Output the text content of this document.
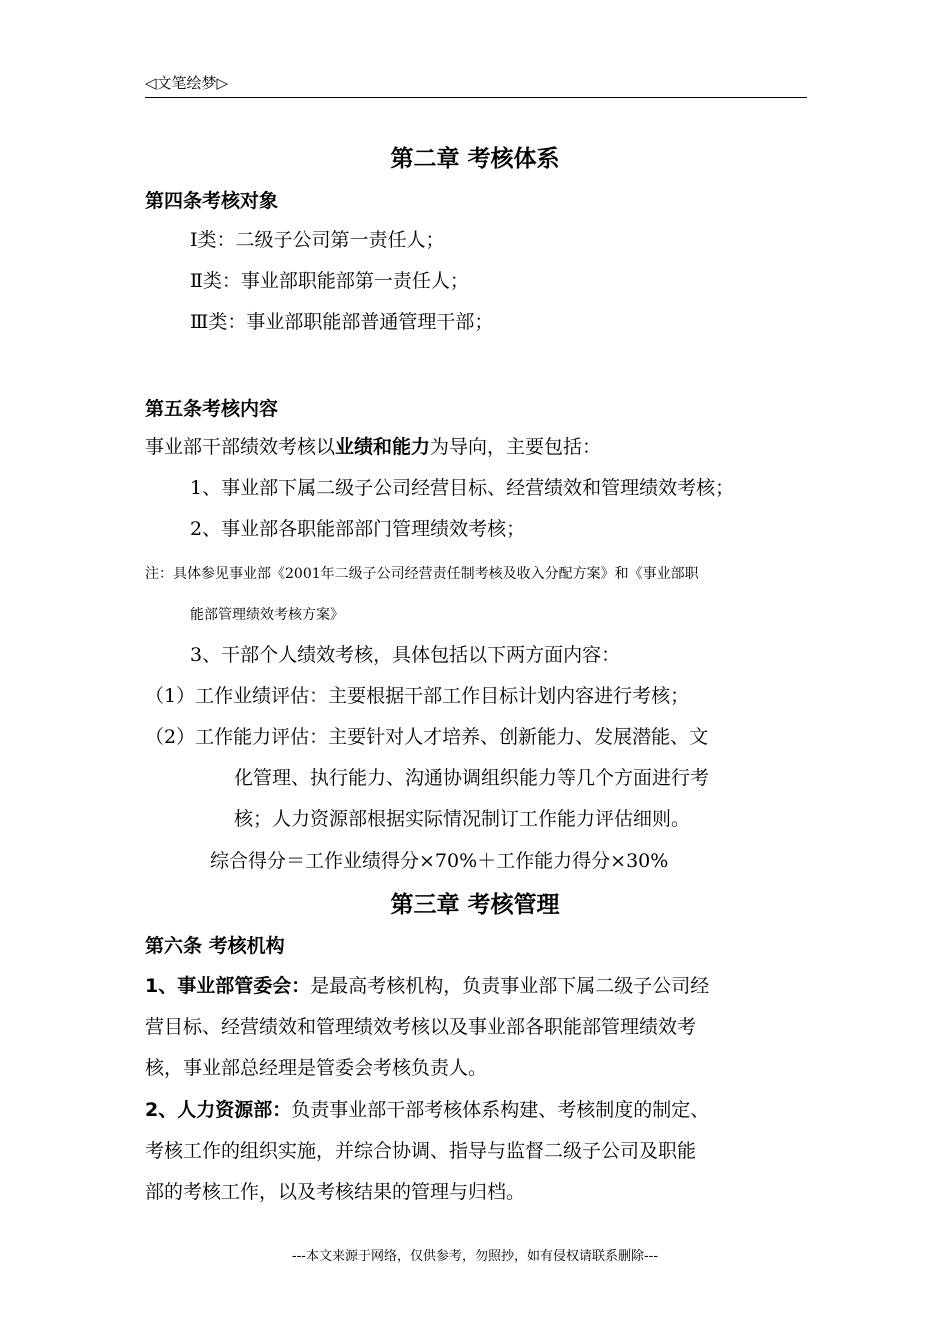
◁文笔绘梦▷
第二章 考核体系
第四条考核对象
Ⅰ类：二级子公司第一责任人；
Ⅱ类：事业部职能部第一责任人；
Ⅲ类：事业部职能部普通管理干部；
第五条考核内容
事业部干部绩效考核以业绩和能力为导向，主要包括：
1、事业部下属二级子公司经营目标、经营绩效和管理绩效考核；
2、事业部各职能部部门管理绩效考核；
注：具体参见事业部《2001年二级子公司经营责任制考核及收入分配方案》和《事业部职
能部管理绩效考核方案》
3、干部个人绩效考核，具体包括以下两方面内容：
（1）工作业绩评估：主要根据干部工作目标计划内容进行考核；
（2）工作能力评估：主要针对人才培养、创新能力、发展潜能、文
化管理、执行能力、沟通协调组织能力等几个方面进行考
核；人力资源部根据实际情况制订工作能力评估细则。
综合得分＝工作业绩得分×70%＋工作能力得分×30%
第三章 考核管理
第六条 考核机构
1、事业部管委会：是最高考核机构，负责事业部下属二级子公司经
营目标、经营绩效和管理绩效考核以及事业部各职能部管理绩效考
核，事业部总经理是管委会考核负责人。
2、人力资源部：负责事业部干部考核体系构建、考核制度的制定、
考核工作的组织实施，并综合协调、指导与监督二级子公司及职能
部的考核工作，以及考核结果的管理与归档。
---本文来源于网络，仅供参考，勿照抄，如有侵权请联系删除---
